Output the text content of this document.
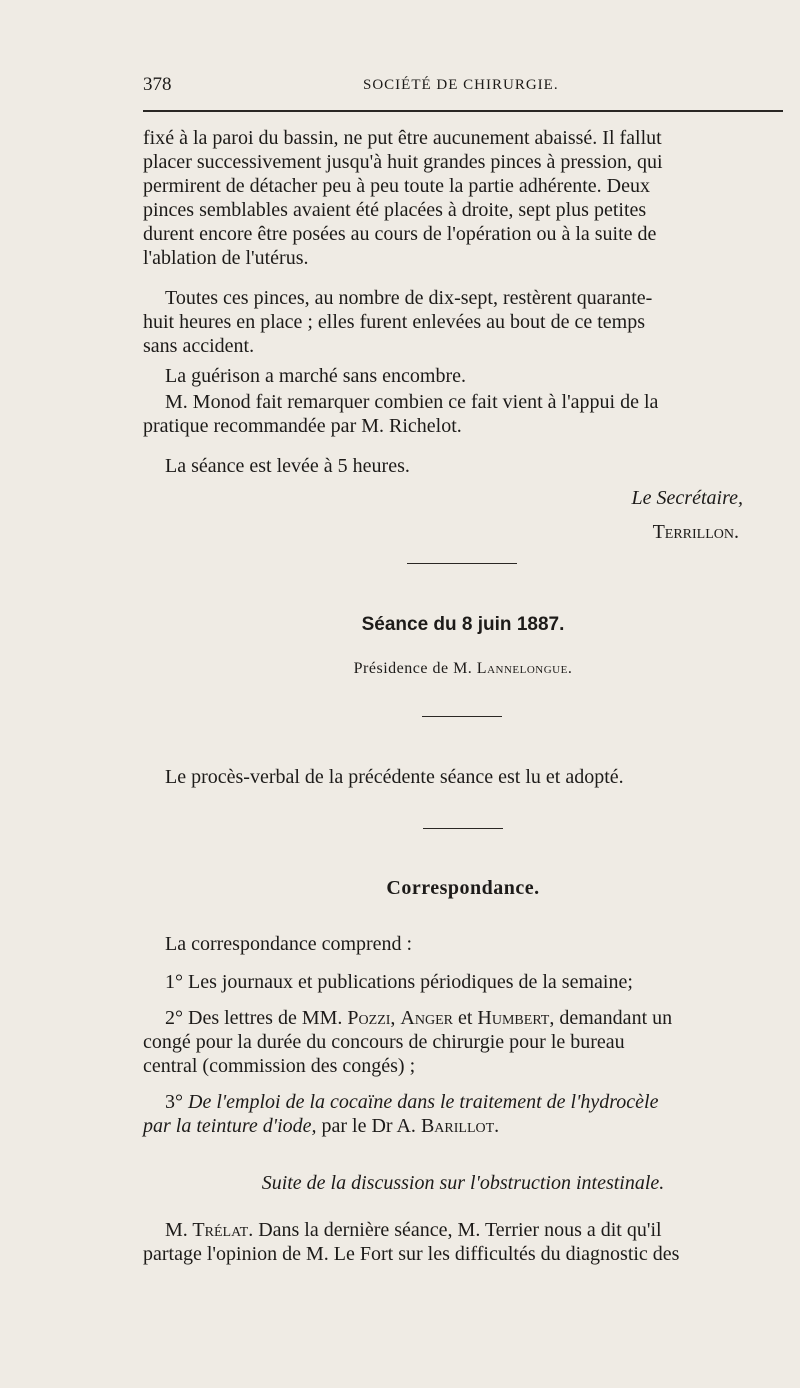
378	SOCIÉTÉ DE CHIRURGIE.

fixé à la paroi du bassin, ne put être aucunement abaissé. Il fallut

placer successivement jusqu'à huit grandes pinces à pression, qui

permirent de détacher peu à peu toute la partie adhérente. Deux

pinces semblables avaient été placées à droite, sept plus petites

durent encore être posées au cours de l'opération ou à la suite de

l'ablation de l'utérus.

Toutes ces pinces, au nombre de dix-sept, restèrent quarante-

huit heures en place ; elles furent enlevées au bout de ce temps

sans accident.

La guérison a marché sans encombre.

M. Monod fait remarquer combien ce fait vient à l'appui de la

pratique recommandée par M. Richelot.

La séance est levée à 5 heures.

Le Secrétaire,

Terrillon.

Séance du 8 juin 1887.
Présidence de M. Lannelongue.

Le procès-verbal de la précédente séance est lu et adopté.

Correspondance.

La correspondance comprend :

1° Les journaux et publications périodiques de la semaine;

2° Des lettres de MM. Pozzi, Anger et Humbert, demandant un

congé pour la durée du concours de chirurgie pour le bureau

central (commission des congés) ;

3° De l'emploi de la cocaïne dans le traitement de l'hydrocèle

par la teinture d'iode, par le Dr A. Barillot.

Suite de la discussion sur l'obstruction intestinale.

M. Trélat. Dans la dernière séance, M. Terrier nous a dit qu'il

partage l'opinion de M. Le Fort sur les difficultés du diagnostic des
